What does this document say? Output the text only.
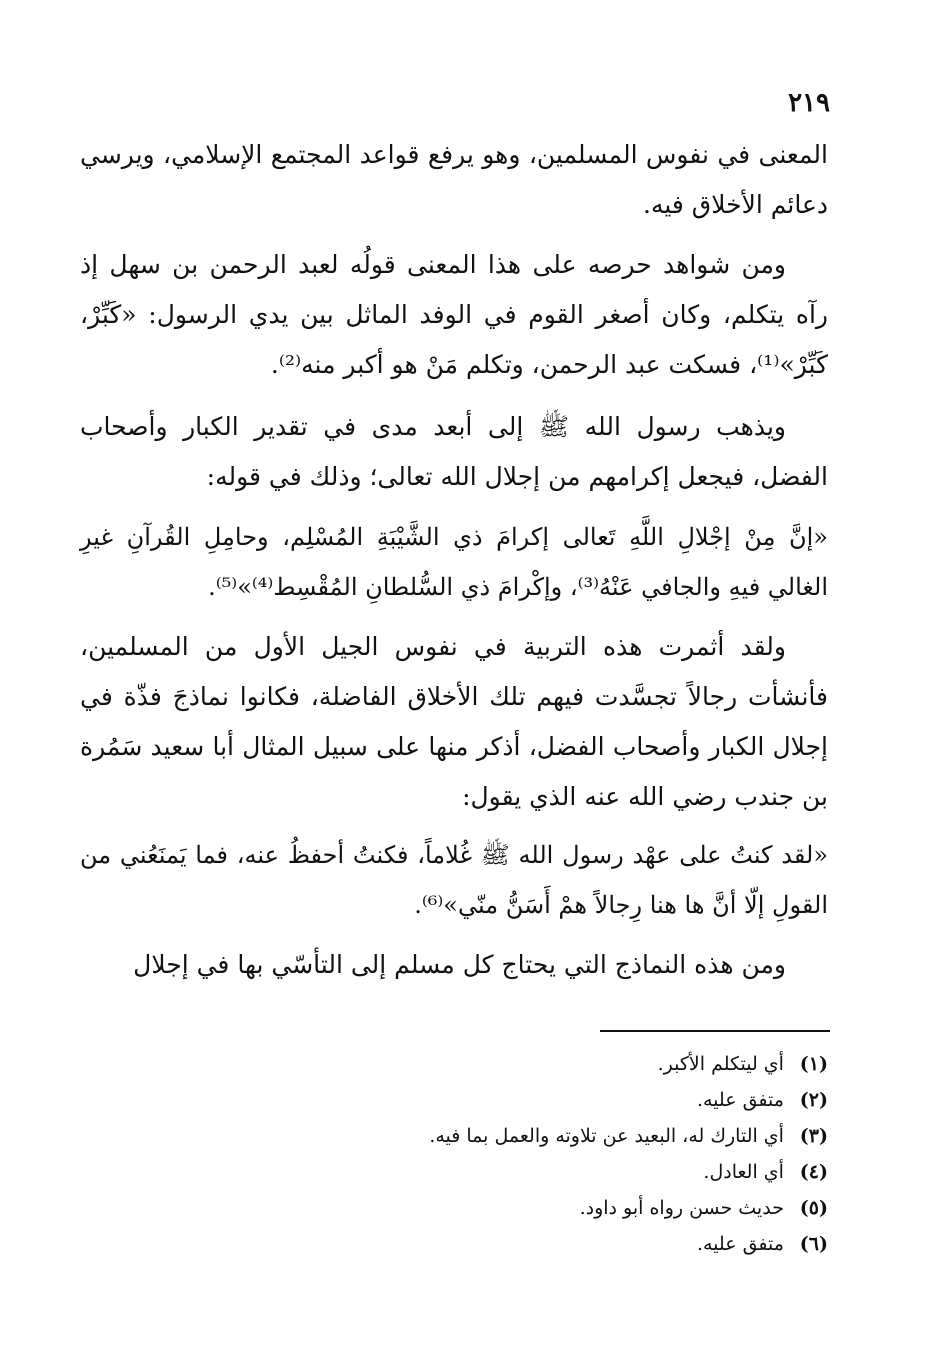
٢١٩
المعنى في نفوس المسلمين، وهو يرفع قواعد المجتمع الإسلامي، ويرسي دعائم الأخلاق فيه.
ومن شواهد حرصه على هذا المعنى قولُه لعبد الرحمن بن سهل إذ رآه يتكلم، وكان أصغر القوم في الوفد الماثل بين يدي الرسول: «كَبِّرْ، كَبِّرْ»⁽¹⁾، فسكت عبد الرحمن، وتكلم مَنْ هو أكبر منه⁽²⁾.
ويذهب رسول الله ﷺ إلى أبعد مدى في تقدير الكبار وأصحاب الفضل، فيجعل إكرامهم من إجلال الله تعالى؛ وذلك في قوله:
«إنَّ مِنْ إجْلالِ اللَّهِ تَعالى إكرامَ ذي الشَّيْبَةِ المُسْلِم، وحامِلِ القُرآنِ غيرِ الغالي فيهِ والجافي عَنْهُ⁽³⁾، وإكْرامَ ذي السُّلطانِ المُقْسِط⁽⁴⁾»⁽⁵⁾.
ولقد أثمرت هذه التربية في نفوس الجيل الأول من المسلمين، فأنشأت رجالاً تجسَّدت فيهم تلك الأخلاق الفاضلة، فكانوا نماذجَ فذّة في إجلال الكبار وأصحاب الفضل، أذكر منها على سبيل المثال أبا سعيد سَمُرة بن جندب رضي الله عنه الذي يقول:
«لقد كنتُ على عهْد رسول الله ﷺ غُلاماً، فكنتُ أحفظُ عنه، فما يَمنَعُني من القولِ إلّا أنَّ ها هنا رِجالاً همْ أَسَنُّ منّي»⁽⁶⁾.
ومن هذه النماذج التي يحتاج كل مسلم إلى التأسّي بها في إجلال
(١) أي ليتكلم الأكبر.
(٢) متفق عليه.
(٣) أي التارك له، البعيد عن تلاوته والعمل بما فيه.
(٤) أي العادل.
(٥) حديث حسن رواه أبو داود.
(٦) متفق عليه.
